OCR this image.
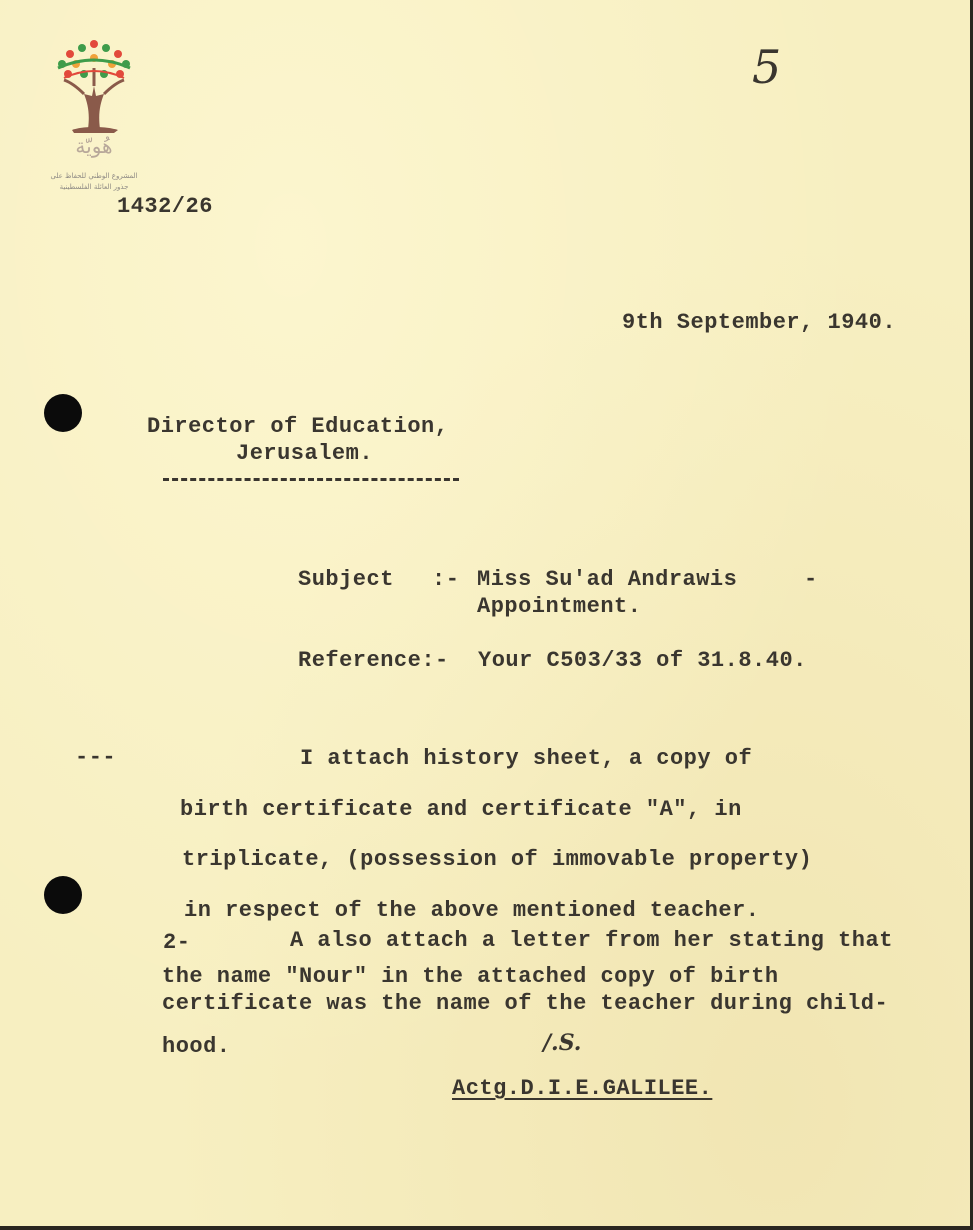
هُويّة
المشروع الوطني للحفاظ على
جذور العائلة الفلسطينية
5
1432/26
9th September, 1940.
Director of Education,
Jerusalem.
Subject :- Miss Su'ad Andrawis	-
Appointment.
Reference:- Your C503/33 of 31.8.40.
---	I attach history sheet, a copy of
birth certificate and certificate "A", in
triplicate, (possession of immovable property)
in respect of the above mentioned teacher.
2-	A also attach a letter from her stating that
the name "Nour" in the attached copy of birth
certificate was the name of the teacher during child-
hood.	/.S.
Actg.D.I.E.GALILEE.
